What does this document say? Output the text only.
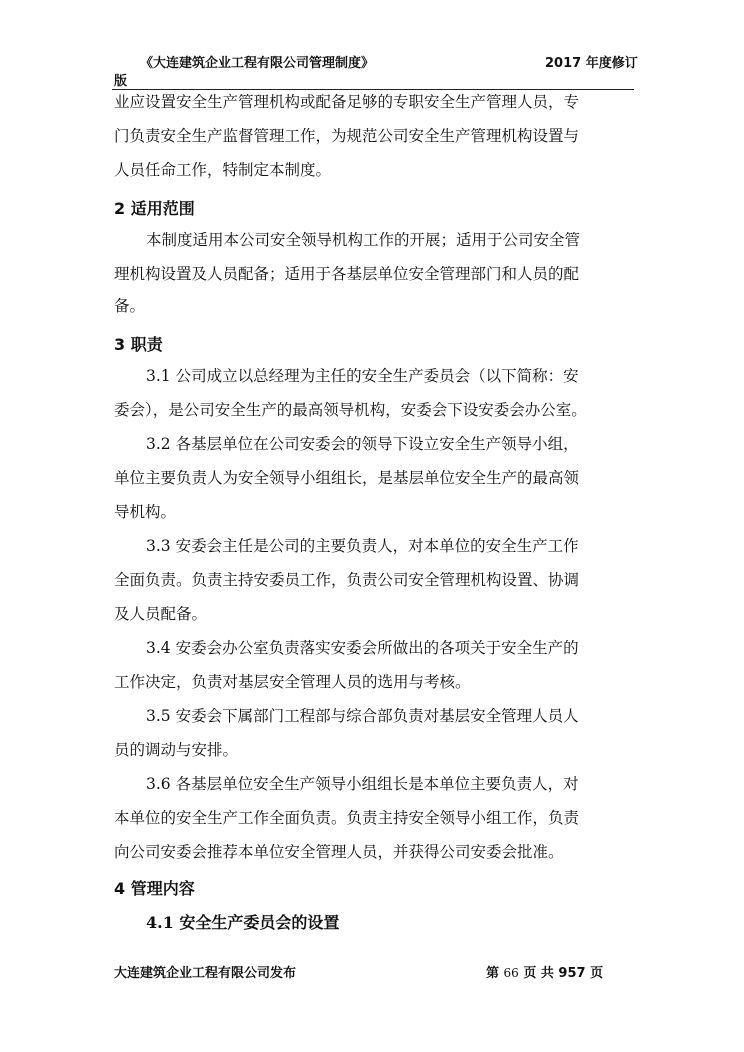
《大连建筑企业工程有限公司管理制度》	2017 年度修订
版
业应设置安全生产管理机构或配备足够的专职安全生产管理人员，专
门负责安全生产监督管理工作，为规范公司安全生产管理机构设置与
人员任命工作，特制定本制度。
2 适用范围
本制度适用本公司安全领导机构工作的开展；适用于公司安全管
理机构设置及人员配备；适用于各基层单位安全管理部门和人员的配
备。
3 职责
3.1 公司成立以总经理为主任的安全生产委员会（以下简称：安
委会），是公司安全生产的最高领导机构，安委会下设安委会办公室。
3.2 各基层单位在公司安委会的领导下设立安全生产领导小组，
单位主要负责人为安全领导小组组长，是基层单位安全生产的最高领
导机构。
3.3 安委会主任是公司的主要负责人，对本单位的安全生产工作
全面负责。负责主持安委员工作，负责公司安全管理机构设置、协调
及人员配备。
3.4 安委会办公室负责落实安委会所做出的各项关于安全生产的
工作决定，负责对基层安全管理人员的选用与考核。
3.5 安委会下属部门工程部与综合部负责对基层安全管理人员人
员的调动与安排。
3.6 各基层单位安全生产领导小组组长是本单位主要负责人，对
本单位的安全生产工作全面负责。负责主持安全领导小组工作，负责
向公司安委会推荐本单位安全管理人员，并获得公司安委会批准。
4 管理内容
4.1 安全生产委员会的设置
大连建筑企业工程有限公司发布	第 66 页 共 957 页
